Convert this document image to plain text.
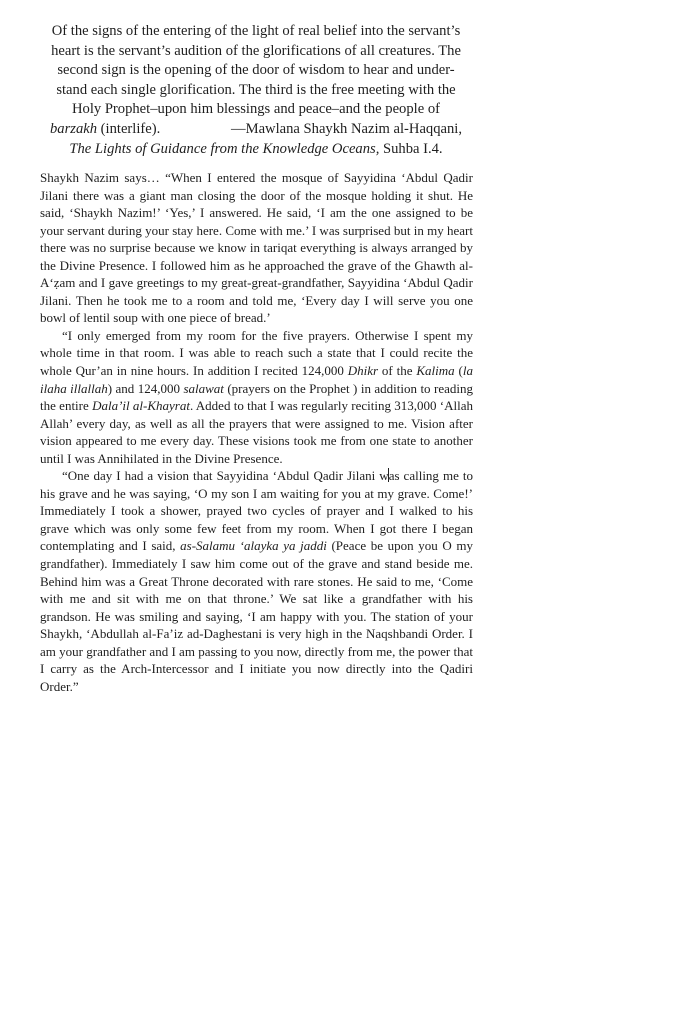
Of the signs of the entering of the light of real belief into the servant’s
heart is the servant’s audition of the glorifications of all creatures. The
second sign is the opening of the door of wisdom to hear and under-
stand each single glorification. The third is the free meeting with the
Holy Prophet–upon him blessings and peace–and the people of
barzakh (interlife).	—Mawlana Shaykh Nazim al-Haqqani,
The Lights of Guidance from the Knowledge Oceans, Suhba I.4.

Shaykh Nazim says… “When I entered the mosque of Sayyidina ‘Abdul Qadir Jilani there was a giant man closing the door of the mosque holding it shut. He said, ‘Shaykh Nazim!’ ‘Yes,’ I answered. He said, ‘I am the one assigned to be your servant during your stay here. Come with me.’ I was surprised but in my heart there was no surprise because we know in tariqat everything is always arranged by the Divine Presence. I followed him as he approached the grave of the Ghawth al-A‘ẓam and I gave greetings to my great-great-grandfather, Sayyidina ‘Abdul Qadir Jilani. Then he took me to a room and told me, ‘Every day I will serve you one bowl of lentil soup with one piece of bread.’

“I only emerged from my room for the five prayers. Otherwise I spent my whole time in that room. I was able to reach such a state that I could recite the whole Qur’an in nine hours. In addition I recited 124,000 Dhikr of the Kalima (la ilaha illallah) and 124,000 salawat (prayers on the Prophet ) in addition to reading the entire Dala’il al-Khayrat. Added to that I was regularly reciting 313,000 ‘Allah Allah’ every day, as well as all the prayers that were assigned to me. Vision after vision appeared to me every day. These visions took me from one state to another until I was Annihilated in the Divine Presence.

“One day I had a vision that Sayyidina ‘Abdul Qadir Jilani was calling me to his grave and he was saying, ‘O my son I am waiting for you at my grave. Come!’ Immediately I took a shower, prayed two cycles of prayer and I walked to his grave which was only some few feet from my room. When I got there I began contemplating and I said, as-Salamu ‘alayka ya jaddi (Peace be upon you O my grandfather). Immediately I saw him come out of the grave and stand beside me. Behind him was a Great Throne decorated with rare stones. He said to me, ‘Come with me and sit with me on that throne.’ We sat like a grandfather with his grandson. He was smiling and saying, ‘I am happy with you. The station of your Shaykh, ‘Abdullah al-Fa’iz ad-Daghestani is very high in the Naqshbandi Order. I am your grandfather and I am passing to you now, directly from me, the power that I carry as the Arch-Intercessor and I initiate you now directly into the Qadiri Order.”
